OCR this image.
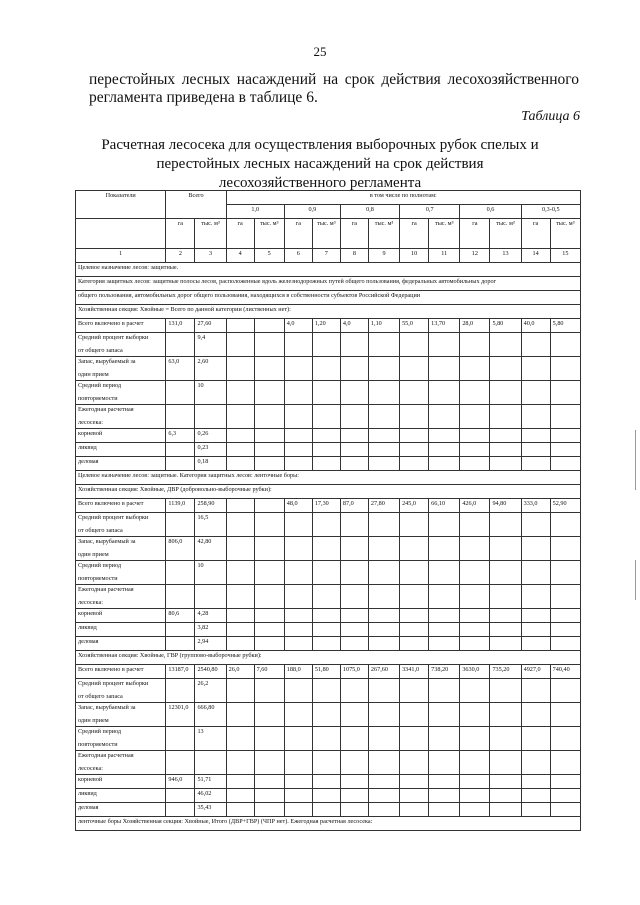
25
перестойных лесных насаждений на срок действия лесохозяйственного
регламента приведена в таблице 6.
Таблица 6
Расчетная лесосека для осуществления выборочных рубок спелых и
перестойных лесных насаждений на срок действия
лесохозяйственного регламента
Показатели	Всего		в том числе по полнотам:											
			1,0		0,9		0,8		0,7		0,6		0,3-0,5	
	га	тыс. м³	га	тыс. м³	га	тыс. м³	га	тыс. м³	га	тыс. м³	га	тыс. м³	га	тыс. м³
1	2	3	4	5	6	7	8	9	10	11	12	13	14	15
Целевое назначение лесов: защитные.														
Категория защитных лесов: защитные полосы лесов, расположенные вдоль железнодорожных путей общего пользования, федеральных автомобильных дорог														
общего пользования, автомобильных дорог общего пользования, находящихся в собственности субъектов Российской Федерации														
Хозяйственная секция: Хвойные = Всего по данной категории (лиственных нет):														

Всего включено в расчет	131,0	27,60			4,0	1,20	4,0	1,10	55,0	13,70	28,0	5,80	40,0	5,80

Средний процент выборки
от общего запаса		9,4												

Запас, вырубаемый за
один прием	63,0	2,60												

Средний период
повторяемости		10												

Ежегодная расчетная
лесосека:														

корневой	6,3	0,26												

ликвид		0,23												

деловая		0,18												
Целевое назначение лесов: защитные. Категория защитных лесов: ленточные боры:														
Хозяйственная секция: Хвойные, ДВР (добровольно-выборочные рубки):														

Всего включено в расчет	1139,0	258,90			48,0	17,30	87,0	27,80	245,0	66,10	426,0	94,80	333,0	52,90

Средний процент выборки
от общего запаса		16,5												

Запас, вырубаемый за
один прием	806,0	42,80												

Средний период
повторяемости		10												

Ежегодная расчетная
лесосека:														

корневой	80,6	4,28												

ликвид		3,82												

деловая		2,94												
Хозяйственная секция: Хвойные, ГВР (группово-выборочные рубки):														

Всего включено в расчет	13187,0	2540,80	26,0	7,60	188,0	51,80	1075,0	267,60	3341,0	738,20	3630,0	735,20	4927,0	740,40

Средний процент выборки
от общего запаса		26,2												

Запас, вырубаемый за
один прием	12301,0	666,80												

Средний период
повторяемости		13												

Ежегодная расчетная
лесосека:														

корневой	946,0	51,71												

ликвид		46,02												

деловая		35,43												
ленточные боры Хозяйственная секция: Хвойные, Итого (ДВР+ГВР) (ЧПР нет). Ежегодная расчетная лесосека:														
